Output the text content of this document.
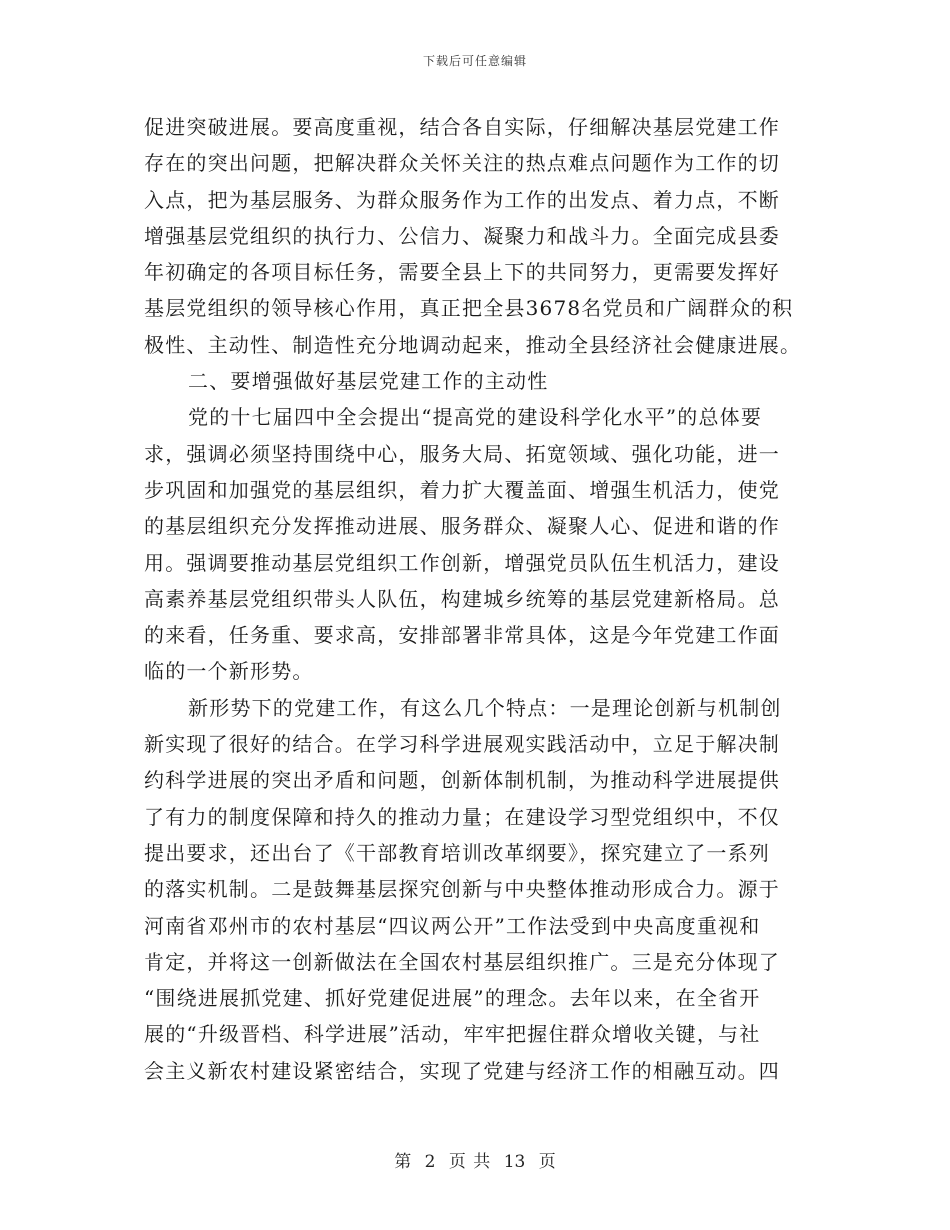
下载后可任意编辑
促进突破进展。要高度重视，结合各自实际，仔细解决基层党建工作
存在的突出问题，把解决群众关怀关注的热点难点问题作为工作的切
入点，把为基层服务、为群众服务作为工作的出发点、着力点，不断
增强基层党组织的执行力、公信力、凝聚力和战斗力。全面完成县委
年初确定的各项目标任务，需要全县上下的共同努力，更需要发挥好
基层党组织的领导核心作用，真正把全县3678名党员和广阔群众的积
极性、主动性、制造性充分地调动起来，推动全县经济社会健康进展。
二、要增强做好基层党建工作的主动性
党的十七届四中全会提出“提高党的建设科学化水平”的总体要
求，强调必须坚持围绕中心，服务大局、拓宽领域、强化功能，进一
步巩固和加强党的基层组织，着力扩大覆盖面、增强生机活力，使党
的基层组织充分发挥推动进展、服务群众、凝聚人心、促进和谐的作
用。强调要推动基层党组织工作创新，增强党员队伍生机活力，建设
高素养基层党组织带头人队伍，构建城乡统筹的基层党建新格局。总
的来看，任务重、要求高，安排部署非常具体，这是今年党建工作面
临的一个新形势。
新形势下的党建工作，有这么几个特点：一是理论创新与机制创
新实现了很好的结合。在学习科学进展观实践活动中，立足于解决制
约科学进展的突出矛盾和问题，创新体制机制，为推动科学进展提供
了有力的制度保障和持久的推动力量；在建设学习型党组织中，不仅
提出要求，还出台了《干部教育培训改革纲要》，探究建立了一系列
的落实机制。二是鼓舞基层探究创新与中央整体推动形成合力。源于
河南省邓州市的农村基层“四议两公开”工作法受到中央高度重视和
肯定，并将这一创新做法在全国农村基层组织推广。三是充分体现了
“围绕进展抓党建、抓好党建促进展”的理念。去年以来，在全省开
展的“升级晋档、科学进展”活动，牢牢把握住群众增收关键，与社
会主义新农村建设紧密结合，实现了党建与经济工作的相融互动。四
第 2 页 共 13 页
